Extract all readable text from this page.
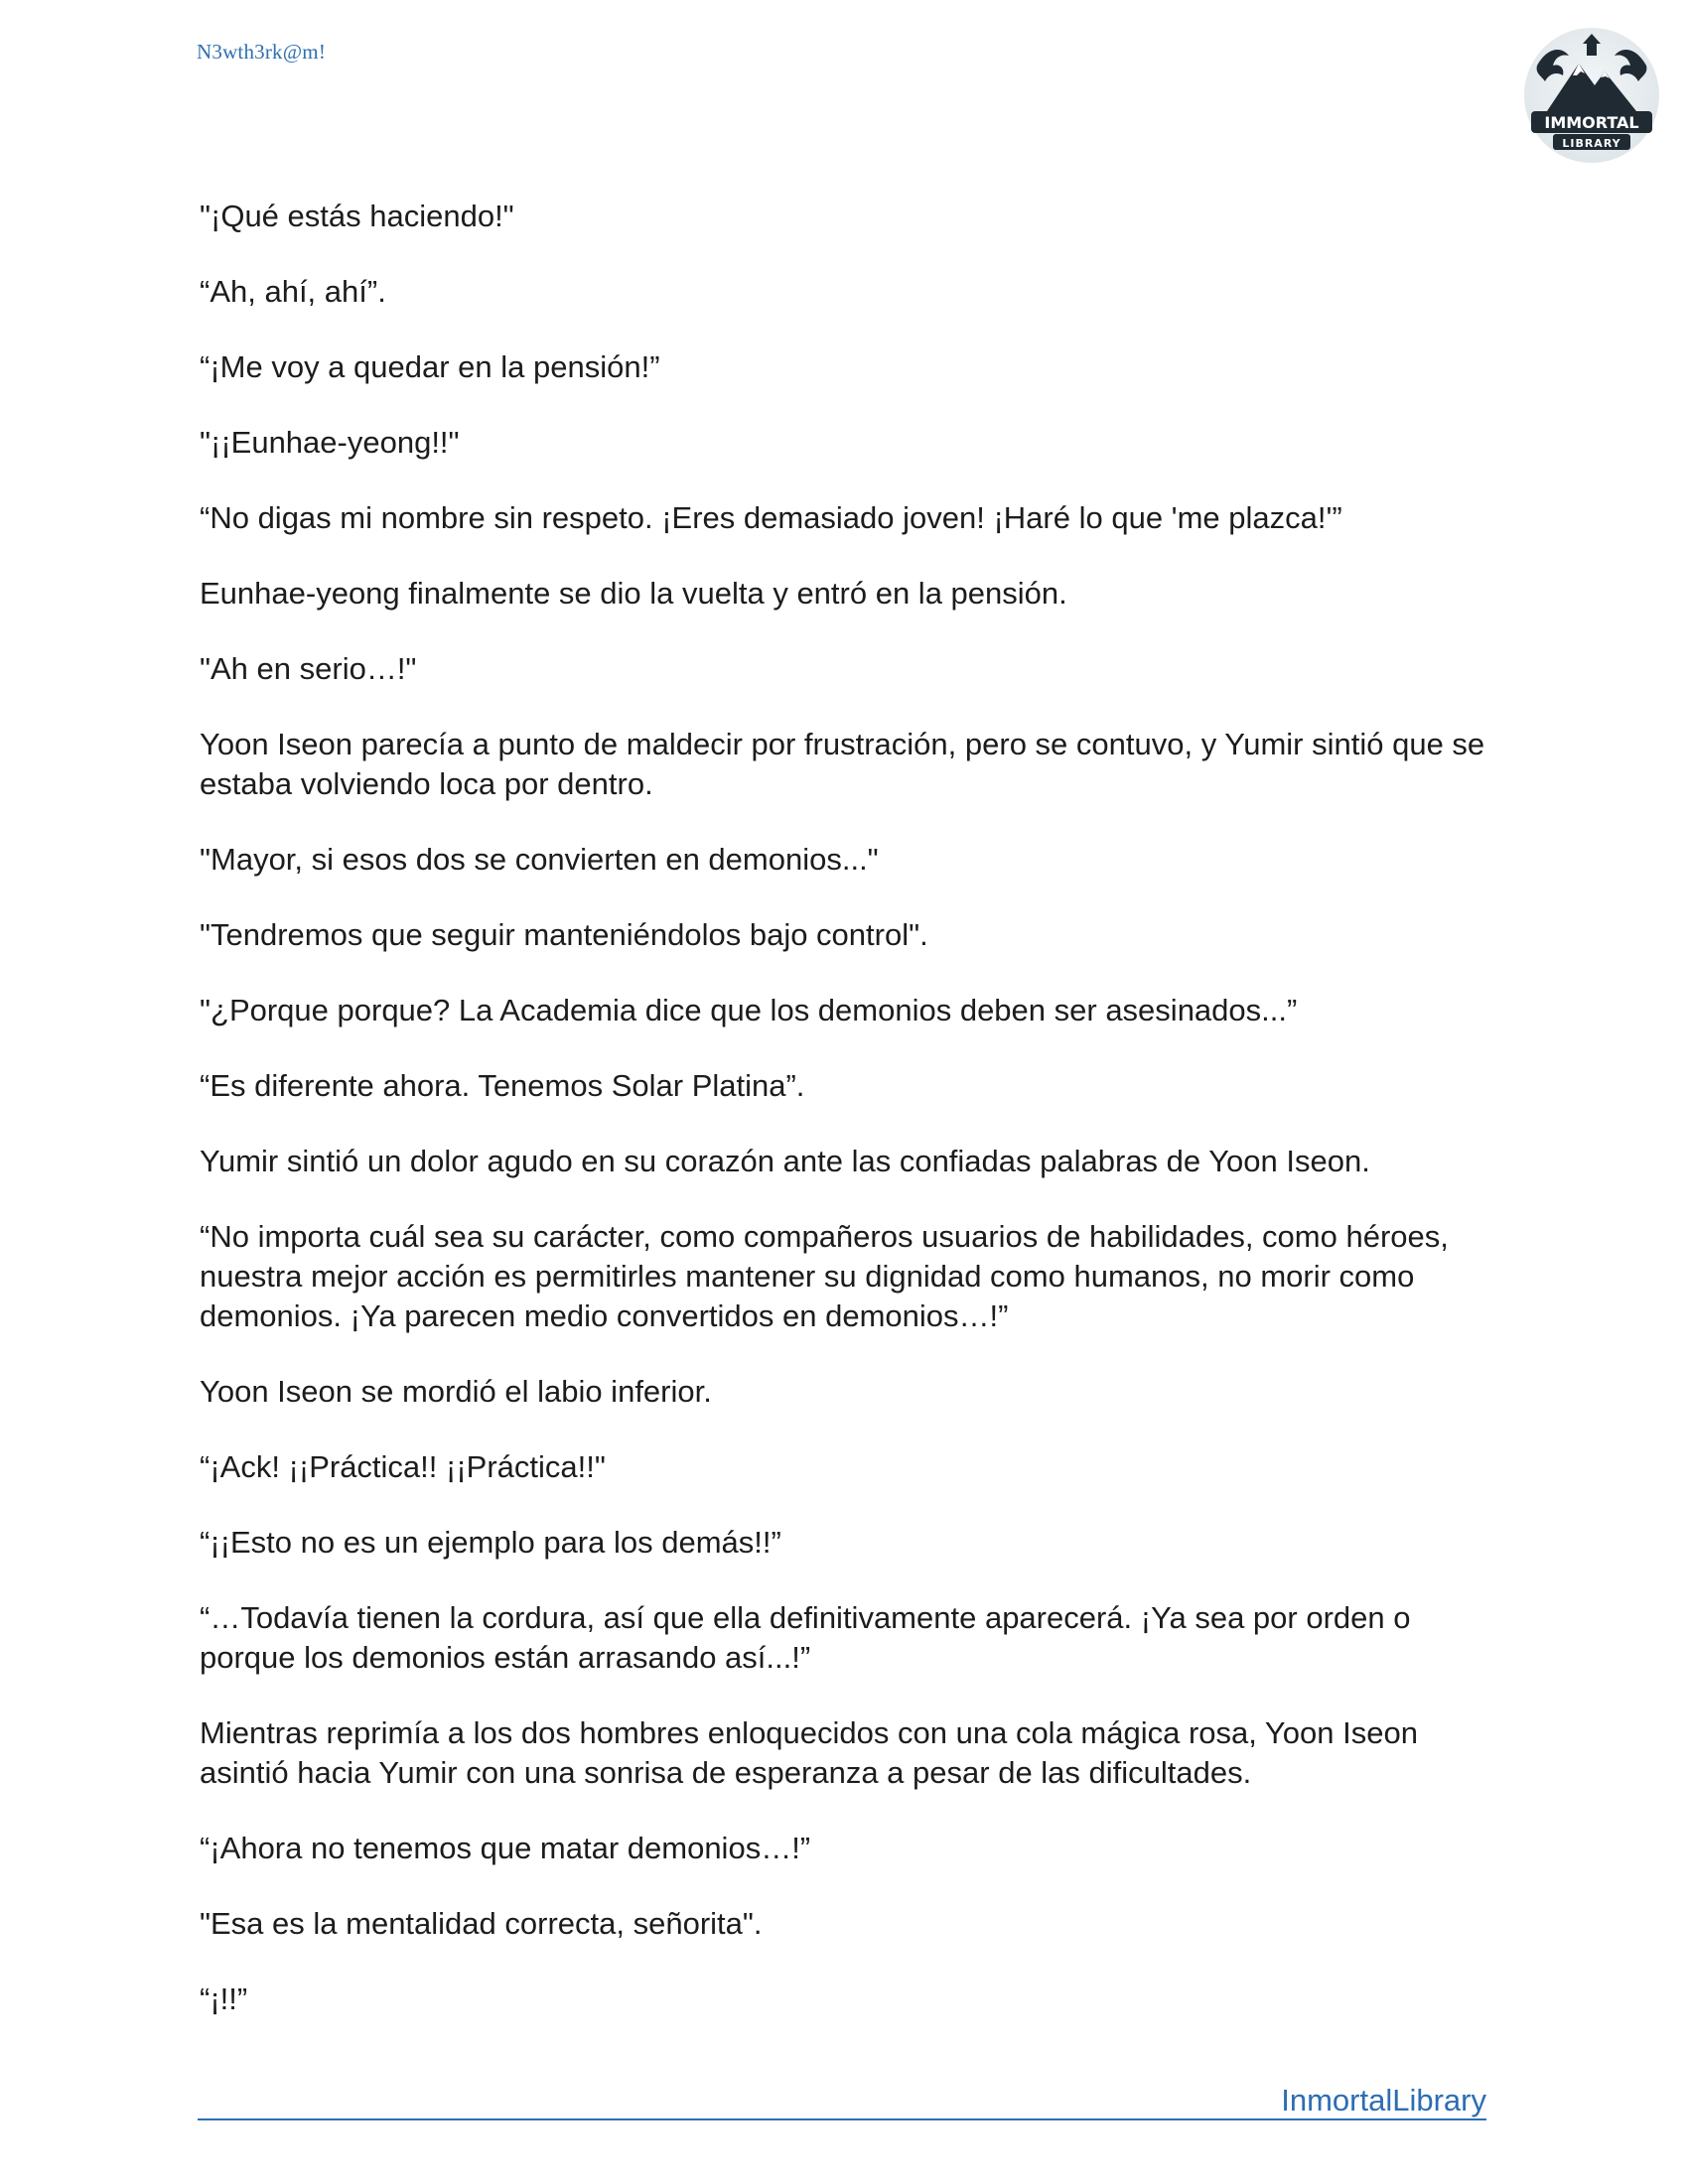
N3wth3rk@m!
IMMORTAL
LIBRARY

"¡Qué estás haciendo!"

“Ah, ahí, ahí”.

“¡Me voy a quedar en la pensión!”

"¡¡Eunhae-yeong!!"

“No digas mi nombre sin respeto. ¡Eres demasiado joven! ¡Haré lo que 'me plazca!'”

Eunhae-yeong finalmente se dio la vuelta y entró en la pensión.

"Ah en serio…!"

Yoon Iseon parecía a punto de maldecir por frustración, pero se contuvo, y Yumir sintió que se estaba volviendo loca por dentro.

"Mayor, si esos dos se convierten en demonios..."

"Tendremos que seguir manteniéndolos bajo control".

"¿Porque porque? La Academia dice que los demonios deben ser asesinados...”

“Es diferente ahora. Tenemos Solar Platina”.

Yumir sintió un dolor agudo en su corazón ante las confiadas palabras de Yoon Iseon.

“No importa cuál sea su carácter, como compañeros usuarios de habilidades, como héroes, nuestra mejor acción es permitirles mantener su dignidad como humanos, no morir como demonios. ¡Ya parecen medio convertidos en demonios…!”

Yoon Iseon se mordió el labio inferior.

“¡Ack! ¡¡Práctica!! ¡¡Práctica!!"

“¡¡Esto no es un ejemplo para los demás!!”

“…Todavía tienen la cordura, así que ella definitivamente aparecerá. ¡Ya sea por orden o porque los demonios están arrasando así...!”

Mientras reprimía a los dos hombres enloquecidos con una cola mágica rosa, Yoon Iseon asintió hacia Yumir con una sonrisa de esperanza a pesar de las dificultades.

“¡Ahora no tenemos que matar demonios…!”

"Esa es la mentalidad correcta, señorita".

“¡!!”

InmortalLibrary
